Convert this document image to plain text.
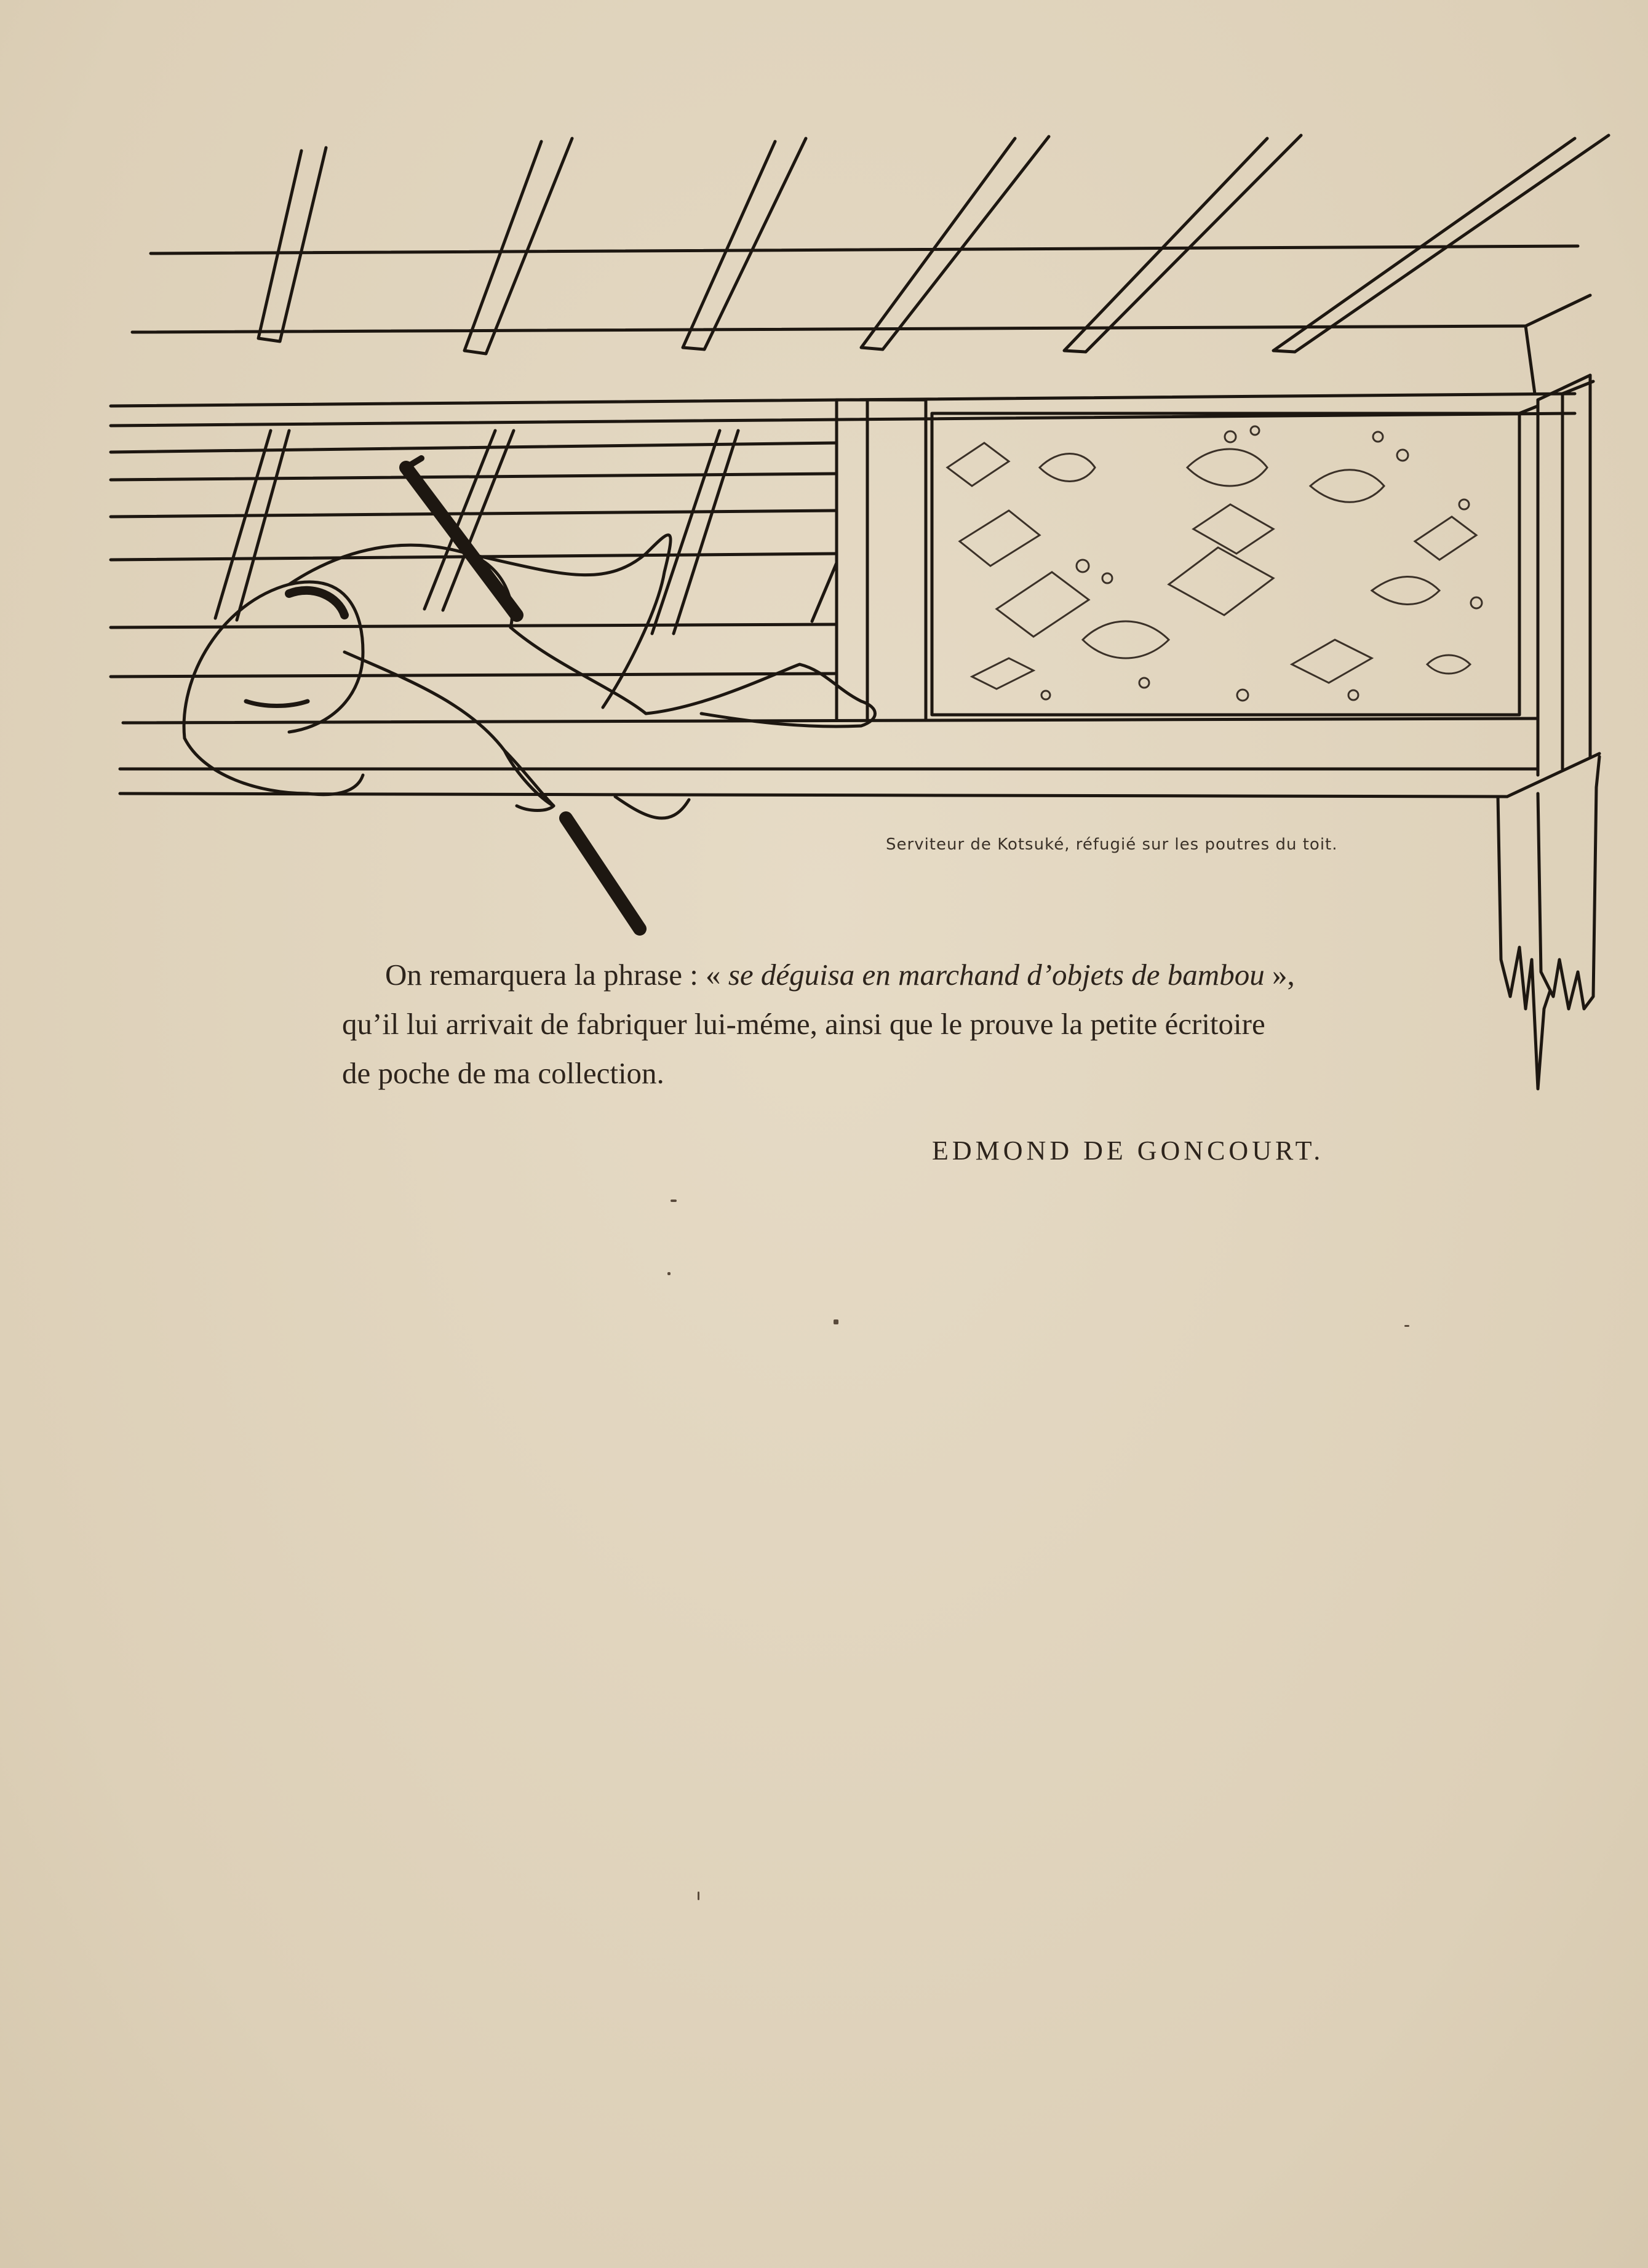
Serviteur de Kotsuké, réfugié sur les poutres du toit.
On remarquera la phrase : « se déguisa en marchand d’objets de bambou »,
qu’il lui arrivait de fabriquer lui-méme, ainsi que le prouve la petite écritoire
de poche de ma collection.
EDMOND DE GONCOURT.
